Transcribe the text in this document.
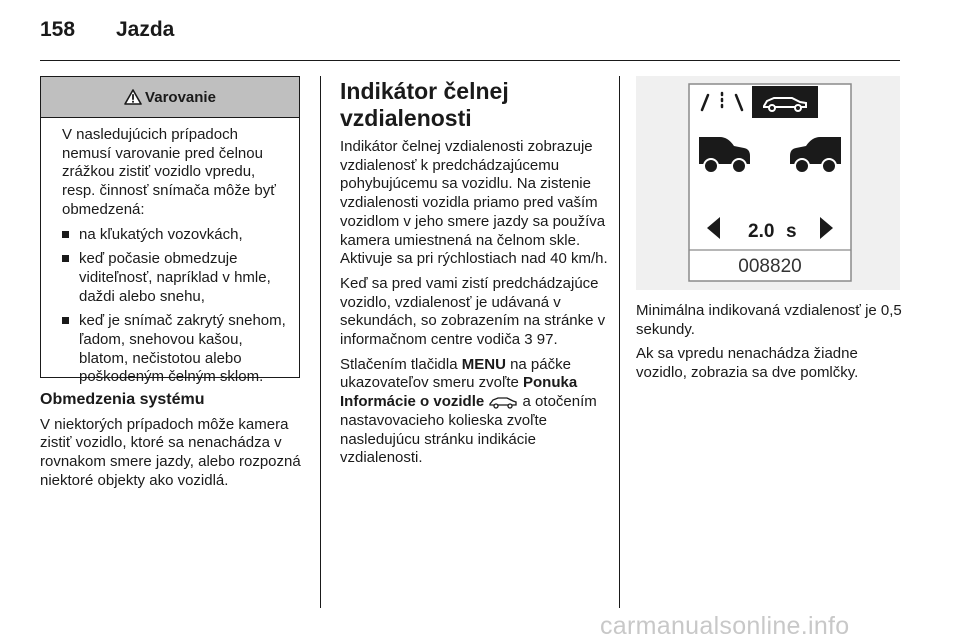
158 Jazda
Varovanie

V nasledujúcich prípadoch nemusí varovanie pred čelnou zrážkou zistiť vozidlo vpredu, resp. činnosť snímača môže byť obmedzená:

na kľukatých vozovkách,
keď počasie obmedzuje viditeľnosť, napríklad v hmle, daždi alebo snehu,
keď je snímač zakrytý snehom, ľadom, snehovou kašou, blatom, nečistotou alebo poškodeným čelným sklom.

Obmedzenia systému

V niektorých prípadoch môže kamera zistiť vozidlo, ktoré sa nenachádza v rovnakom smere jazdy, alebo rozpozná niektoré objekty ako vozidlá.

Indikátor čelnej vzdialenosti

Indikátor čelnej vzdialenosti zobrazuje vzdialenosť k predchádzajúcemu pohybujúcemu sa vozidlu. Na zistenie vzdialenosti vozidla priamo pred vaším vozidlom v jeho smere jazdy sa používa kamera umiestnená na čelnom skle. Aktivuje sa pri rýchlostiach nad 40 km/h.

Keď sa pred vami zistí predchádzajúce vozidlo, vzdialenosť je udávaná v sekundách, so zobrazením na stránke v informačnom centre vodiča 3 97.

Stlačením tlačidla MENU na páčke ukazovateľov smeru zvoľte Ponuka Informácie o vozidle	a otočením nastavovacieho kolieska zvoľte nasledujúcu stránku indikácie vzdialenosti.

2.0 s
008820

Minimálna indikovaná vzdialenosť je 0,5 sekundy.

Ak sa vpredu nenachádza žiadne vozidlo, zobrazia sa dve pomlčky.

carmanualsonline.info
